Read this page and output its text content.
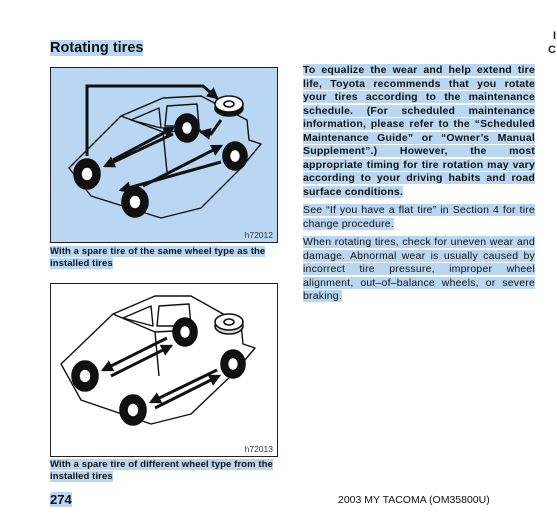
Rotating tires
I
C
h72012

With a spare tire of the same wheel type as the installed tires

h72013

With a spare tire of different wheel type from the installed tires

To equalize the wear and help extend tire life, Toyota recommends that you rotate your tires according to the maintenance schedule. (For scheduled maintenance information, please refer to the “Scheduled Maintenance Guide” or “Owner’s Manual Supplement”.) However, the most appropriate timing for tire rotation may vary according to your driving habits and road surface conditions.

See “If you have a flat tire” in Section 4 for tire change procedure.

When rotating tires, check for uneven wear and damage. Abnormal wear is usually caused by incorrect tire pressure, improper wheel alignment, out–of–balance wheels, or severe braking.

274	2003 MY TACOMA (OM35800U)
